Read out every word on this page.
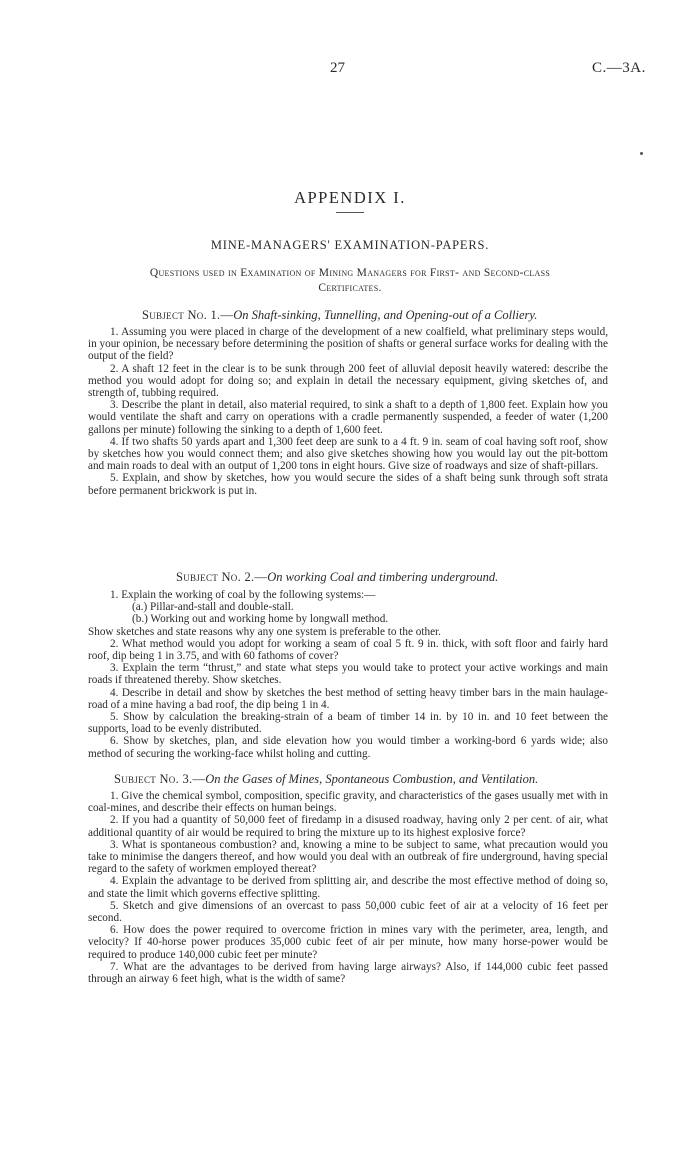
27	C.—3A.
APPENDIX I.
MINE-MANAGERS' EXAMINATION-PAPERS.
Questions used in Examination of Mining Managers for First- and Second-class
Certificates.
Subject No. 1.—On Shaft-sinking, Tunnelling, and Opening-out of a Colliery.

1. Assuming you were placed in charge of the development of a new coalfield, what preliminary steps would, in your opinion, be necessary before determining the position of shafts or general surface works for dealing with the output of the field?

2. A shaft 12 feet in the clear is to be sunk through 200 feet of alluvial deposit heavily watered: describe the method you would adopt for doing so; and explain in detail the necessary equipment, giving sketches of, and strength of, tubbing required.

3. Describe the plant in detail, also material required, to sink a shaft to a depth of 1,800 feet. Explain how you would ventilate the shaft and carry on operations with a cradle permanently suspended, a feeder of water (1,200 gallons per minute) following the sinking to a depth of 1,600 feet.

4. If two shafts 50 yards apart and 1,300 feet deep are sunk to a 4 ft. 9 in. seam of coal having soft roof, show by sketches how you would connect them; and also give sketches showing how you would lay out the pit-bottom and main roads to deal with an output of 1,200 tons in eight hours. Give size of roadways and size of shaft-pillars.

5. Explain, and show by sketches, how you would secure the sides of a shaft being sunk through soft strata before permanent brickwork is put in.

Subject No. 2.—On working Coal and timbering underground.

1. Explain the working of coal by the following systems:—

(a.) Pillar-and-stall and double-stall.

(b.) Working out and working home by longwall method.

Show sketches and state reasons why any one system is preferable to the other.

2. What method would you adopt for working a seam of coal 5 ft. 9 in. thick, with soft floor and fairly hard roof, dip being 1 in 3.75, and with 60 fathoms of cover?

3. Explain the term “thrust,” and state what steps you would take to protect your active workings and main roads if threatened thereby. Show sketches.

4. Describe in detail and show by sketches the best method of setting heavy timber bars in the main haulage-road of a mine having a bad roof, the dip being 1 in 4.

5. Show by calculation the breaking-strain of a beam of timber 14 in. by 10 in. and 10 feet between the supports, load to be evenly distributed.

6. Show by sketches, plan, and side elevation how you would timber a working-bord 6 yards wide; also method of securing the working-face whilst holing and cutting.

Subject No. 3.—On the Gases of Mines, Spontaneous Combustion, and Ventilation.

1. Give the chemical symbol, composition, specific gravity, and characteristics of the gases usually met with in coal-mines, and describe their effects on human beings.

2. If you had a quantity of 50,000 feet of firedamp in a disused roadway, having only 2 per cent. of air, what additional quantity of air would be required to bring the mixture up to its highest explosive force?

3. What is spontaneous combustion? and, knowing a mine to be subject to same, what precaution would you take to minimise the dangers thereof, and how would you deal with an outbreak of fire underground, having special regard to the safety of workmen employed thereat?

4. Explain the advantage to be derived from splitting air, and describe the most effective method of doing so, and state the limit which governs effective splitting.

5. Sketch and give dimensions of an overcast to pass 50,000 cubic feet of air at a velocity of 16 feet per second.

6. How does the power required to overcome friction in mines vary with the perimeter, area, length, and velocity? If 40-horse power produces 35,000 cubic feet of air per minute, how many horse-power would be required to produce 140,000 cubic feet per minute?

7. What are the advantages to be derived from having large airways? Also, if 144,000 cubic feet passed through an airway 6 feet high, what is the width of same?
